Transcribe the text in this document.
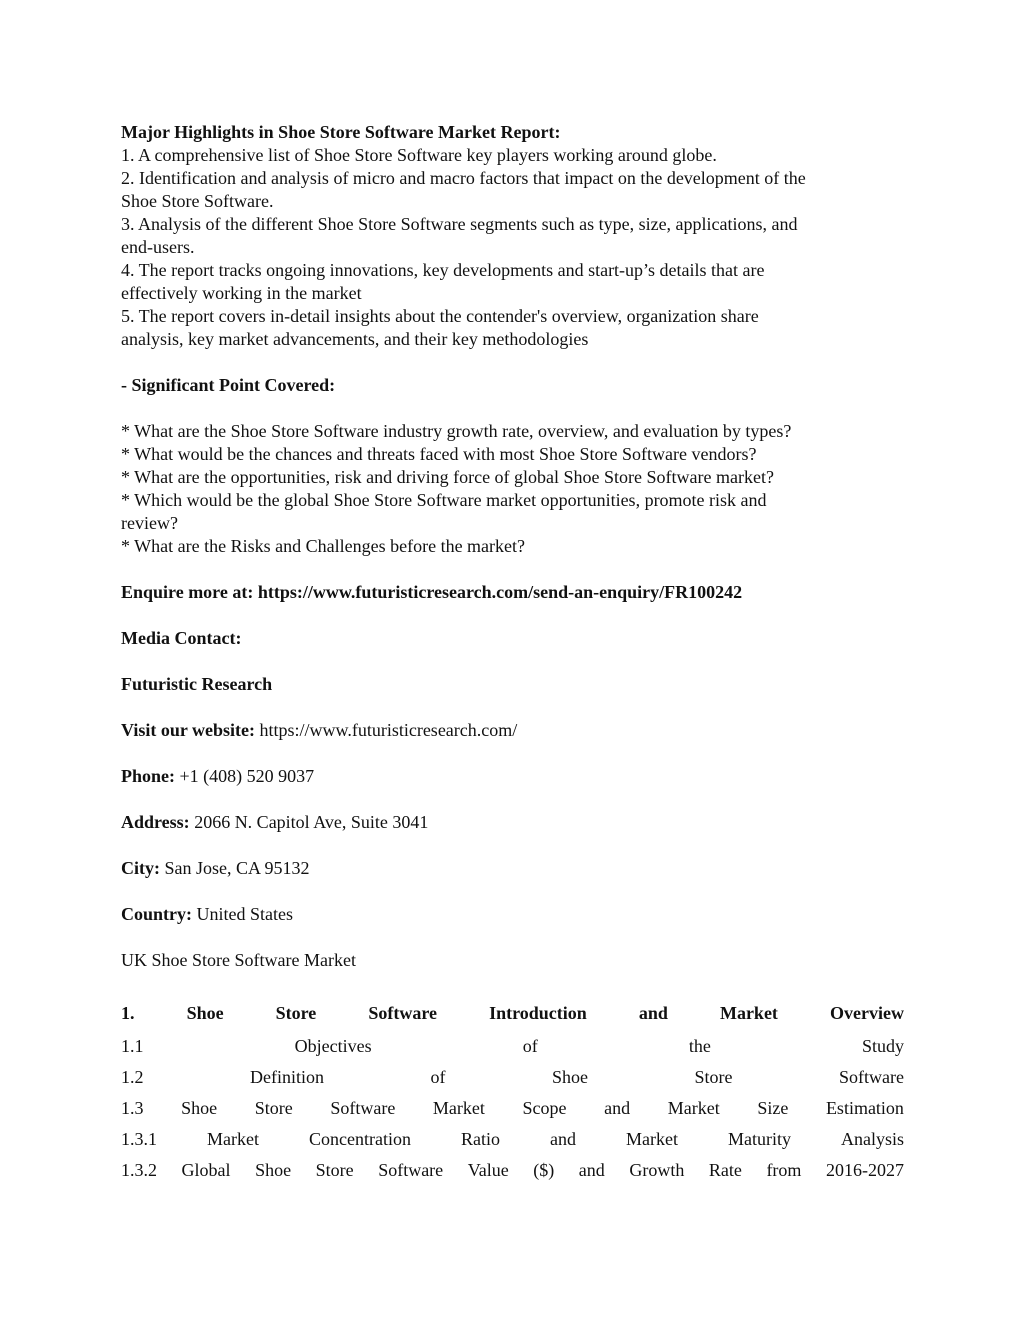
Major Highlights in Shoe Store Software Market Report:
1. A comprehensive list of Shoe Store Software key players working around globe.
2. Identification and analysis of micro and macro factors that impact on the development of the
Shoe Store Software.
3. Analysis of the different Shoe Store Software segments such as type, size, applications, and
end-users.
4. The report tracks ongoing innovations, key developments and start-up’s details that are
effectively working in the market
5. The report covers in-detail insights about the contender's overview, organization share
analysis, key market advancements, and their key methodologies
- Significant Point Covered:
* What are the Shoe Store Software industry growth rate, overview, and evaluation by types?
* What would be the chances and threats faced with most Shoe Store Software vendors?
* What are the opportunities, risk and driving force of global Shoe Store Software market?
* Which would be the global Shoe Store Software market opportunities, promote risk and
review?
* What are the Risks and Challenges before the market?
Enquire more at: https://www.futuristicresearch.com/send-an-enquiry/FR100242
Media Contact:
Futuristic Research
Visit our website: https://www.futuristicresearch.com/
Phone: +1 (408) 520 9037
Address: 2066 N. Capitol Ave, Suite 3041
City: San Jose, CA 95132
Country: United States
UK Shoe Store Software Market
1.	Shoe	Store	Software	Introduction	and	Market	Overview
1.1	Objectives	of	the	Study
1.2	Definition	of	Shoe	Store	Software
1.3 Shoe Store Software Market Scope and Market Size Estimation
1.3.1	Market	Concentration	Ratio	and	Market	Maturity	Analysis
1.3.2 Global Shoe Store Software Value ($) and Growth Rate from 2016-2027
